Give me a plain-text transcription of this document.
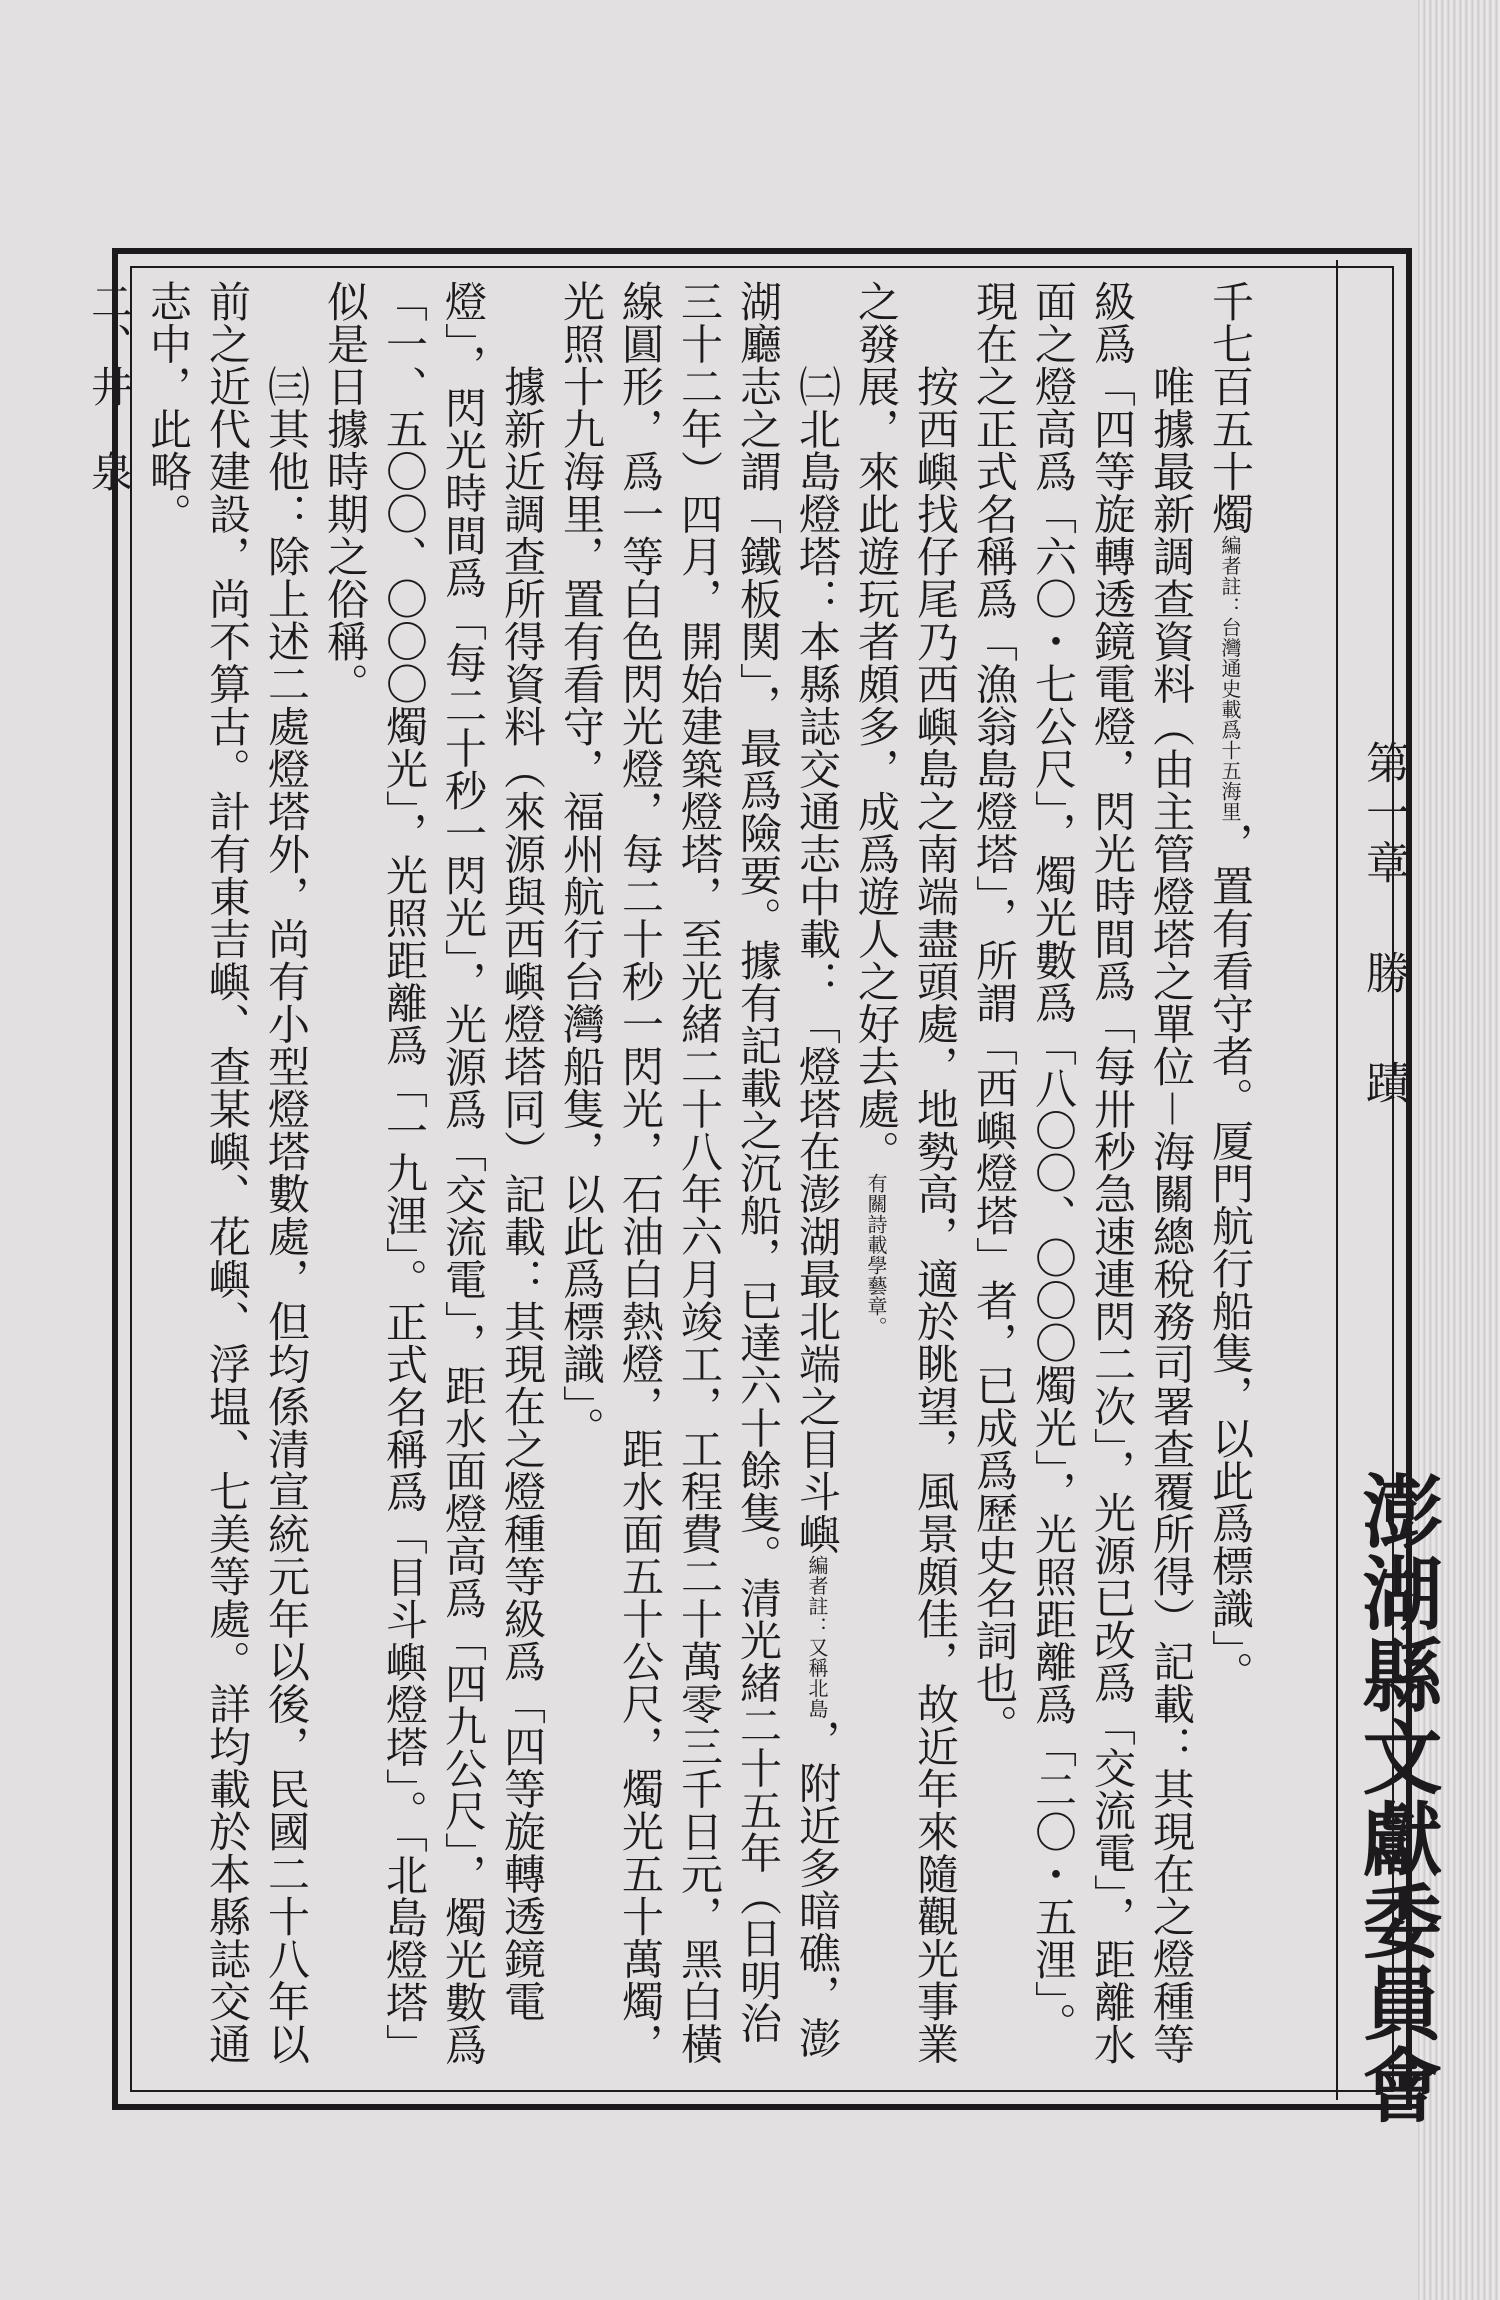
第一章勝蹟
澎湖縣文獻委員會

千七百五十燭編者註：台灣通史載爲十五海里，置有看守者。厦門航行船隻，以此爲標識」。

　　唯據最新調查資料（由主管燈塔之單位－海關總稅務司署查覆所得）記載：其現在之燈種等級爲「四等旋轉透鏡電燈，閃光時間爲「每卅秒急速連閃二次」，光源已改爲「交流電」，距離水面之燈高爲「六〇・七公尺」，燭光數爲「八〇〇、〇〇〇燭光」，光照距離爲「二〇・五浬」。現在之正式名稱爲「漁翁島燈塔」，所謂「西嶼燈塔」者，已成爲歷史名詞也。

　　按西嶼找仔尾乃西嶼島之南端盡頭處，地勢高，適於眺望，風景頗佳，故近年來隨觀光事業之發展，來此遊玩者頗多，成爲遊人之好去處。有關詩載學藝章。

　　㈡北島燈塔：本縣誌交通志中載：「燈塔在澎湖最北端之目斗嶼編者註：又稱北島，附近多暗礁，澎湖廳志之謂「鐵板関」，最爲險要。據有記載之沉船，已達六十餘隻。清光緒二十五年（日明治三十二年）四月，開始建築燈塔，至光緒二十八年六月竣工，工程費二十萬零三千日元，黑白橫線圓形，爲一等白色閃光燈，每二十秒一閃光，石油白熱燈，距水面五十公尺，燭光五十萬燭，光照十九海里，置有看守，福州航行台灣船隻，以此爲標識」。

　　據新近調查所得資料（來源與西嶼燈塔同）記載：其現在之燈種等級爲「四等旋轉透鏡電燈」，閃光時間爲「每二十秒一閃光」，光源爲「交流電」，距水面燈高爲「四九公尺」，燭光數爲「一、五〇〇、〇〇〇燭光」，光照距離爲「一九浬」。正式名稱爲「目斗嶼燈塔」。「北島燈塔」似是日據時期之俗稱。

　　㈢其他：除上述二處燈塔外，尚有小型燈塔數處，但均係清宣統元年以後，民國二十八年以前之近代建設，尚不算古。計有東吉嶼、查某嶼、花嶼、浮塭、七美等處。詳均載於本縣誌交通志中，此略。

二、井　泉
